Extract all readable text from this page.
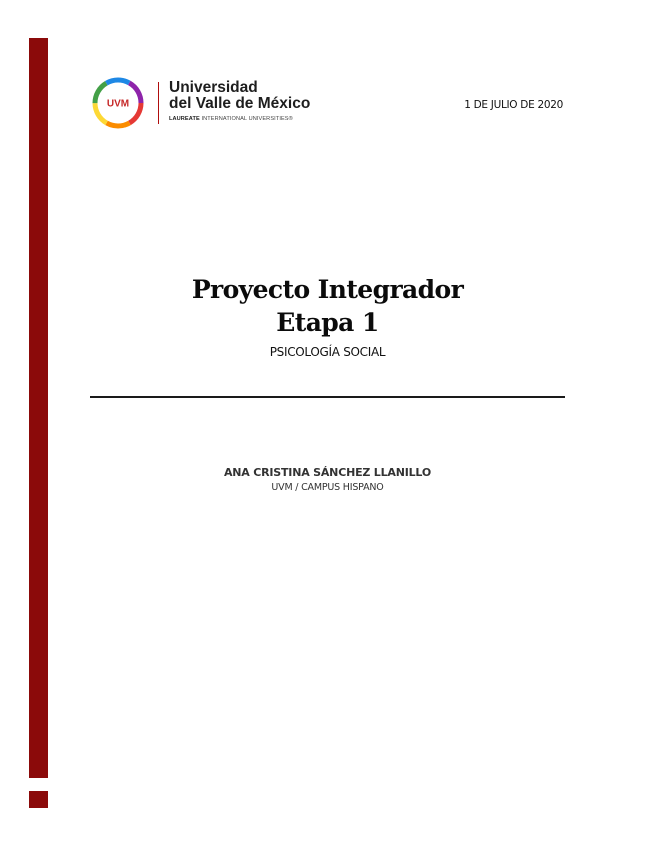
UVM
Universidad
del Valle de México
LAUREATE INTERNATIONAL UNIVERSITIES®
1 DE JULIO DE 2020
Proyecto Integrador
Etapa 1
PSICOLOGÍA SOCIAL
ANA CRISTINA SÁNCHEZ LLANILLO
UVM / CAMPUS HISPANO
